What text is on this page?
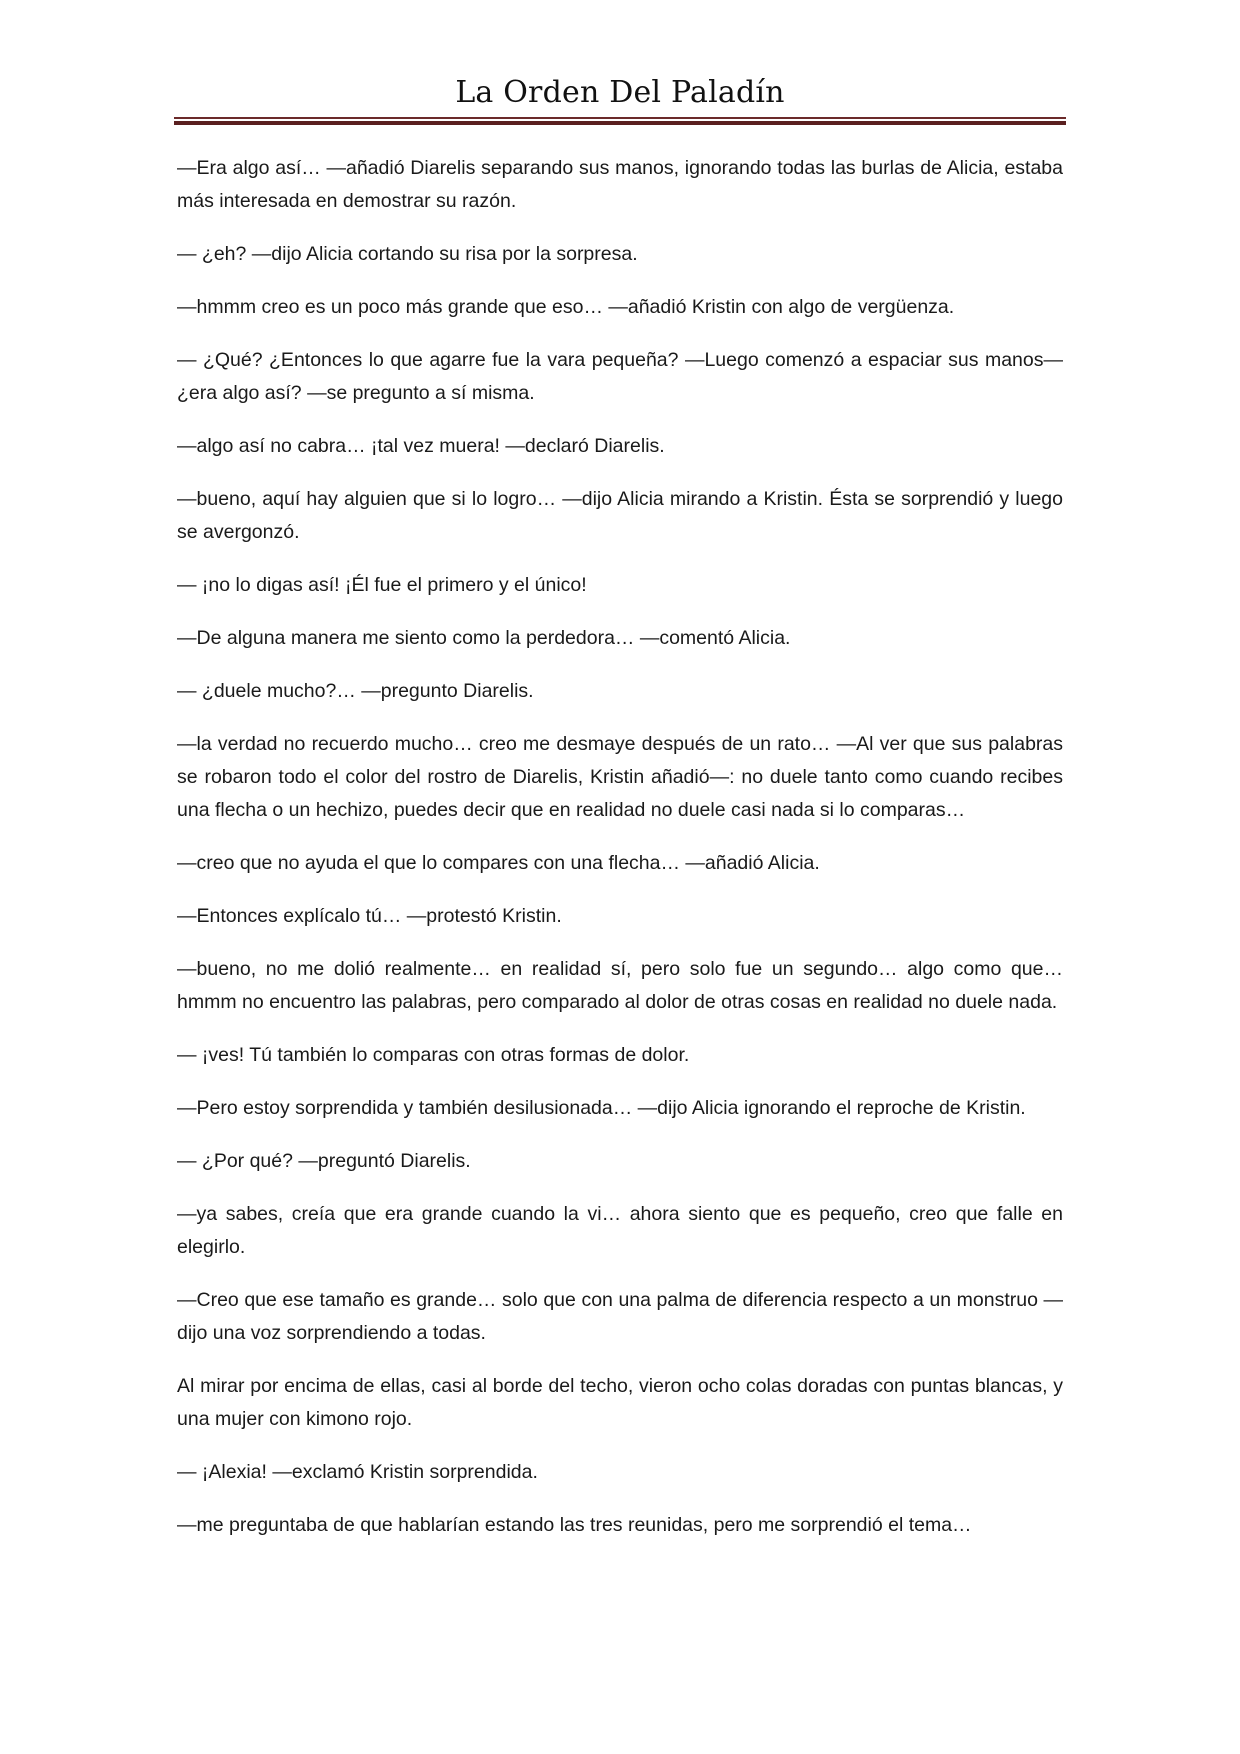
La Orden Del Paladín

—Era algo así… —añadió Diarelis separando sus manos, ignorando todas las burlas de Alicia, estaba más interesada en demostrar su razón.

— ¿eh? —dijo Alicia cortando su risa por la sorpresa.

—hmmm creo es un poco más grande que eso… —añadió Kristin con algo de vergüenza.

— ¿Qué? ¿Entonces lo que agarre fue la vara pequeña? —Luego comenzó a espaciar sus manos— ¿era algo así? —se pregunto a sí misma.

—algo así no cabra… ¡tal vez muera! —declaró Diarelis.

—bueno, aquí hay alguien que si lo logro… —dijo Alicia mirando a Kristin. Ésta se sorprendió y luego se avergonzó.

— ¡no lo digas así! ¡Él fue el primero y el único!

—De alguna manera me siento como la perdedora… —comentó Alicia.

— ¿duele mucho?… —pregunto Diarelis.

—la verdad no recuerdo mucho… creo me desmaye después de un rato… —Al ver que sus palabras se robaron todo el color del rostro de Diarelis, Kristin añadió—: no duele tanto como cuando recibes una flecha o un hechizo, puedes decir que en realidad no duele casi nada si lo comparas…

—creo que no ayuda el que lo compares con una flecha… —añadió Alicia.

—Entonces explícalo tú… —protestó Kristin.

—bueno, no me dolió realmente… en realidad sí, pero solo fue un segundo… algo como que… hmmm no encuentro las palabras, pero comparado al dolor de otras cosas en realidad no duele nada.

— ¡ves! Tú también lo comparas con otras formas de dolor.

—Pero estoy sorprendida y también desilusionada… —dijo Alicia ignorando el reproche de Kristin.

— ¿Por qué? —preguntó Diarelis.

—ya sabes, creía que era grande cuando la vi… ahora siento que es pequeño, creo que falle en elegirlo.

—Creo que ese tamaño es grande… solo que con una palma de diferencia respecto a un monstruo —dijo una voz sorprendiendo a todas.

Al mirar por encima de ellas, casi al borde del techo, vieron ocho colas doradas con puntas blancas, y una mujer con kimono rojo.

— ¡Alexia! —exclamó Kristin sorprendida.

—me preguntaba de que hablarían estando las tres reunidas, pero me sorprendió el tema…
